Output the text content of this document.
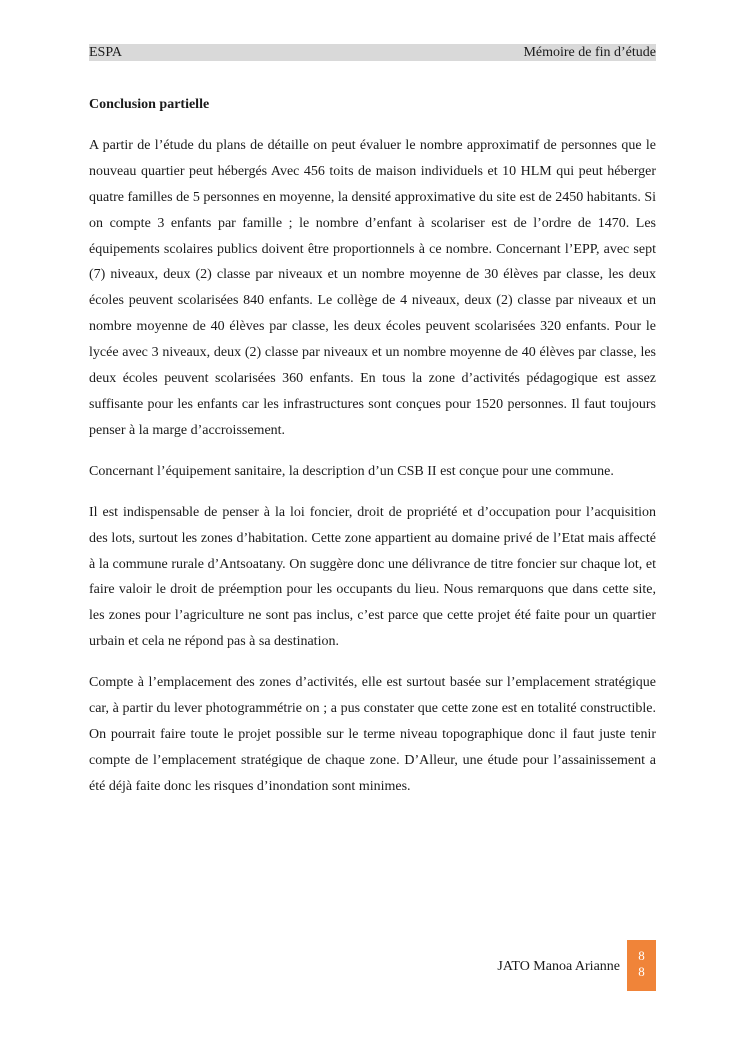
ESPA	Mémoire de fin d’étude

Conclusion partielle

A partir de l’étude du plans de détaille on peut évaluer le nombre approximatif de personnes que le nouveau quartier peut hébergés Avec 456 toits de maison individuels et 10 HLM qui peut héberger quatre familles de 5 personnes en moyenne, la densité approximative du site est de 2450 habitants. Si on compte 3 enfants par famille ; le nombre d’enfant à scolariser est de l’ordre de 1470. Les équipements scolaires publics doivent être proportionnels à ce nombre. Concernant l’EPP, avec sept (7) niveaux, deux (2) classe par niveaux et un nombre moyenne de 30 élèves par classe, les deux écoles peuvent scolarisées 840 enfants. Le collège de 4 niveaux, deux (2) classe par niveaux et un nombre moyenne de 40 élèves par classe, les deux écoles peuvent scolarisées 320 enfants. Pour le lycée avec 3 niveaux, deux (2) classe par niveaux et un nombre moyenne de 40 élèves par classe, les deux écoles peuvent scolarisées 360 enfants. En tous la zone d’activités pédagogique est assez suffisante pour les enfants car les infrastructures sont conçues pour 1520 personnes. Il faut toujours penser à la marge d’accroissement.

Concernant l’équipement sanitaire, la description d’un CSB II est conçue pour une commune.

Il est indispensable de penser à la loi foncier, droit de propriété et d’occupation pour l’acquisition des lots, surtout les zones d’habitation. Cette zone appartient au domaine privé de l’Etat mais affecté à la commune rurale d’Antsoatany. On suggère donc une délivrance de titre foncier sur chaque lot, et faire valoir le droit de préemption pour les occupants du lieu. Nous remarquons que dans cette site, les zones pour l’agriculture ne sont pas inclus, c’est parce que cette projet été faite pour un quartier urbain et cela ne répond pas à sa destination.

Compte à l’emplacement des zones d’activités, elle est surtout basée sur l’emplacement stratégique car, à partir du lever photogrammétrie on ; a pus constater que cette zone est en totalité constructible. On pourrait faire toute le projet possible sur le terme niveau topographique donc il faut juste tenir compte de l’emplacement stratégique de chaque zone. D’Alleur, une étude pour l’assainissement a été déjà faite donc les risques d’inondation sont minimes.

JATO Manoa Arianne
8
8
